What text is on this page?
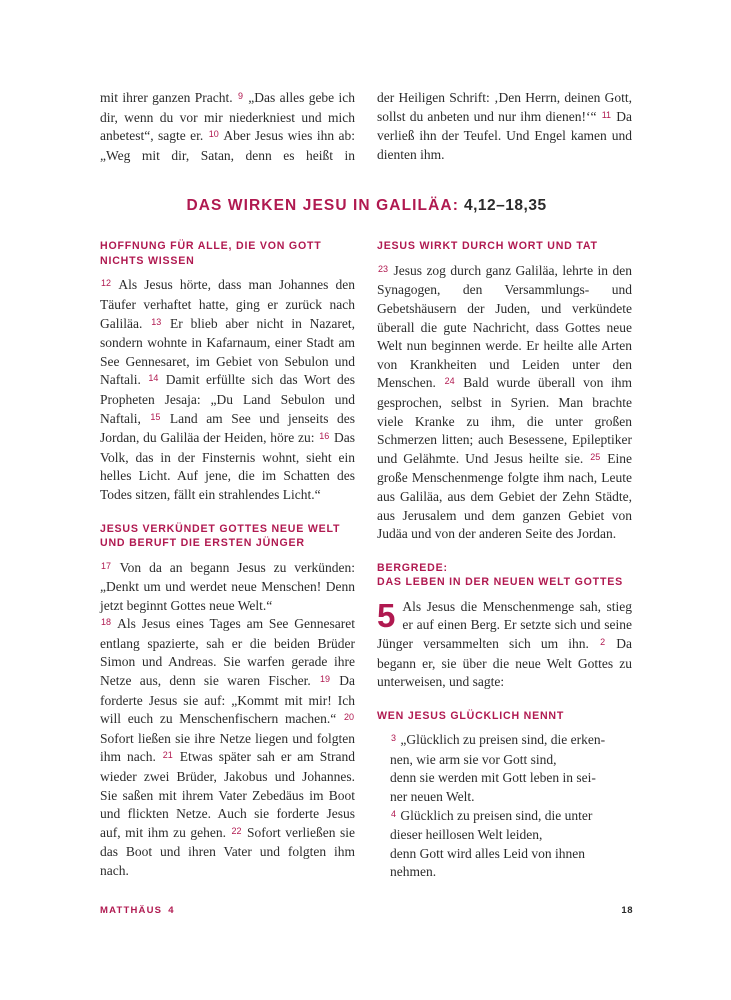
mit ihrer ganzen Pracht. $^9$ „Das alles gebe ich dir, wenn du vor mir niederkniest und mich anbetest“, sagte er. $^{10}$ Aber Jesus wies ihn ab: „Weg mit dir, Satan, denn es heißt in

der Heiligen Schrift: ‚Den Herrn, deinen Gott, sollst du anbeten und nur ihm dienen!‘“ $^{11}$ Da verließ ihn der Teufel. Und Engel kamen und dienten ihm.

DAS WIRKEN JESU IN GALILÄA: 4,12–18,35
HOFFNUNG FÜR ALLE, DIE VON GOTT
NICHTS WISSEN

$^{12}$ Als Jesus hörte, dass man Johannes den Täufer verhaftet hatte, ging er zurück nach Galiläa. $^{13}$ Er blieb aber nicht in Nazaret, sondern wohnte in Kafarnaum, einer Stadt am See Gennesaret, im Gebiet von Sebulon und Naftali. $^{14}$ Damit erfüllte sich das Wort des Propheten Jesaja: „Du Land Sebulon und Naftali, $^{15}$ Land am See und jenseits des Jordan, du Galiläa der Heiden, höre zu: $^{16}$ Das Volk, das in der Finsternis wohnt, sieht ein helles Licht. Auf jene, die im Schatten des Todes sitzen, fällt ein strahlendes Licht.“

JESUS VERKÜNDET GOTTES NEUE WELT
UND BERUFT DIE ERSTEN JÜNGER

$^{17}$ Von da an begann Jesus zu verkünden: „Denkt um und werdet neue Menschen! Denn jetzt beginnt Gottes neue Welt.“

$^{18}$ Als Jesus eines Tages am See Gennesaret entlang spazierte, sah er die beiden Brüder Simon und Andreas. Sie warfen gerade ihre Netze aus, denn sie waren Fischer. $^{19}$ Da forderte Jesus sie auf: „Kommt mit mir! Ich will euch zu Menschenfischern machen.“ $^{20}$ Sofort ließen sie ihre Netze liegen und folgten ihm nach. $^{21}$ Etwas später sah er am Strand wieder zwei Brüder, Jakobus und Johannes. Sie saßen mit ihrem Vater Zebedäus im Boot und flickten Netze. Auch sie forderte Jesus auf, mit ihm zu gehen. $^{22}$ Sofort verließen sie das Boot und ihren Vater und folgten ihm nach.

JESUS WIRKT DURCH WORT UND TAT

$^{23}$ Jesus zog durch ganz Galiläa, lehrte in den Synagogen, den Versammlungs- und Gebetshäusern der Juden, und verkündete überall die gute Nachricht, dass Gottes neue Welt nun beginnen werde. Er heilte alle Arten von Krankheiten und Leiden unter den Menschen. $^{24}$ Bald wurde überall von ihm gesprochen, selbst in Syrien. Man brachte viele Kranke zu ihm, die unter großen Schmerzen litten; auch Besessene, Epileptiker und Gelähmte. Und Jesus heilte sie. $^{25}$ Eine große Menschenmenge folgte ihm nach, Leute aus Galiläa, aus dem Gebiet der Zehn Städte, aus Jerusalem und dem ganzen Gebiet von Judäa und von der anderen Seite des Jordan.

BERGREDE:
DAS LEBEN IN DER NEUEN WELT GOTTES

5 Als Jesus die Menschenmenge sah, stieg er auf einen Berg. Er setzte sich und seine Jünger versammelten sich um ihn. $^2$ Da begann er, sie über die neue Welt Gottes zu unterweisen, und sagte:

WEN JESUS GLÜCKLICH NENNT
$^3$ „Glücklich zu preisen sind, die erken-
nen, wie arm sie vor Gott sind,
denn sie werden mit Gott leben in sei-
ner neuen Welt.
$^4$ Glücklich zu preisen sind, die unter
dieser heillosen Welt leiden,
denn Gott wird alles Leid von ihnen
nehmen.
MATTHÄUS 4	18
